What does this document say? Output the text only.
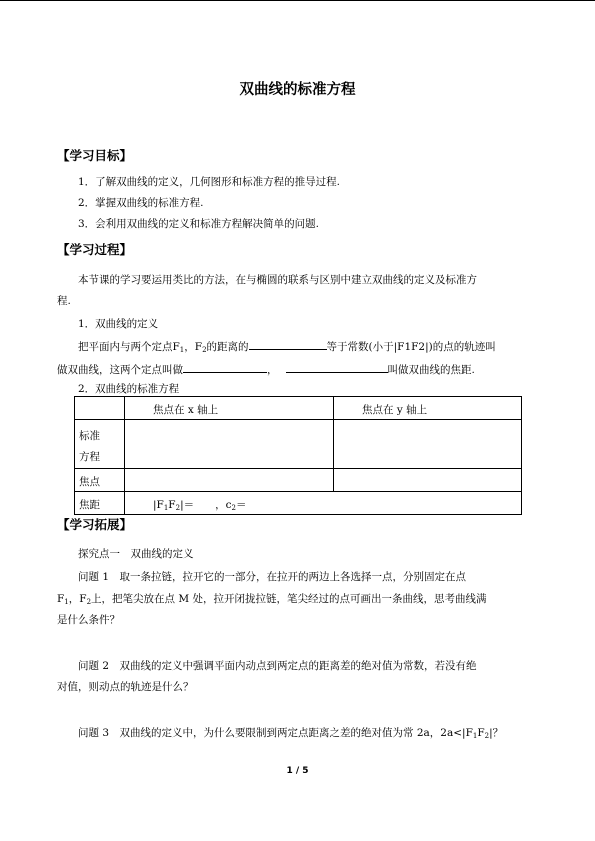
双曲线的标准方程
【学习目标】
1．了解双曲线的定义，几何图形和标准方程的推导过程.
2．掌握双曲线的标准方程.
3．会利用双曲线的定义和标准方程解决简单的问题.
【学习过程】
本节课的学习要运用类比的方法，在与椭圆的联系与区别中建立双曲线的定义及标准方
程.
1．双曲线的定义
把平面内与两个定点$F_1$，$F_2$的距离的	等于常数(小于|F1F2|)的点的轨迹叫
做双曲线，这两个定点叫做	，	叫做双曲线的焦距.
2．双曲线的标准方程
	焦点在 x 轴上	焦点在 y 轴上
标准
方程		
焦点		
焦距	$|F_1F_2|=$　　，$c_2=$	
【学习拓展】
探究点一　双曲线的定义
问题 1　取一条拉链，拉开它的一部分，在拉开的两边上各选择一点，分别固定在点
$F_1$，$F_2$上，把笔尖放在点 M 处，拉开闭拢拉链，笔尖经过的点可画出一条曲线，思考曲线满
是什么条件？
问题 2　双曲线的定义中强调平面内动点到两定点的距离差的绝对值为常数，若没有绝
对值，则动点的轨迹是什么？
问题 3　双曲线的定义中，为什么要限制到两定点距离之差的绝对值为常 2a，$2a<|F_1F_2|$？
1 / 5
